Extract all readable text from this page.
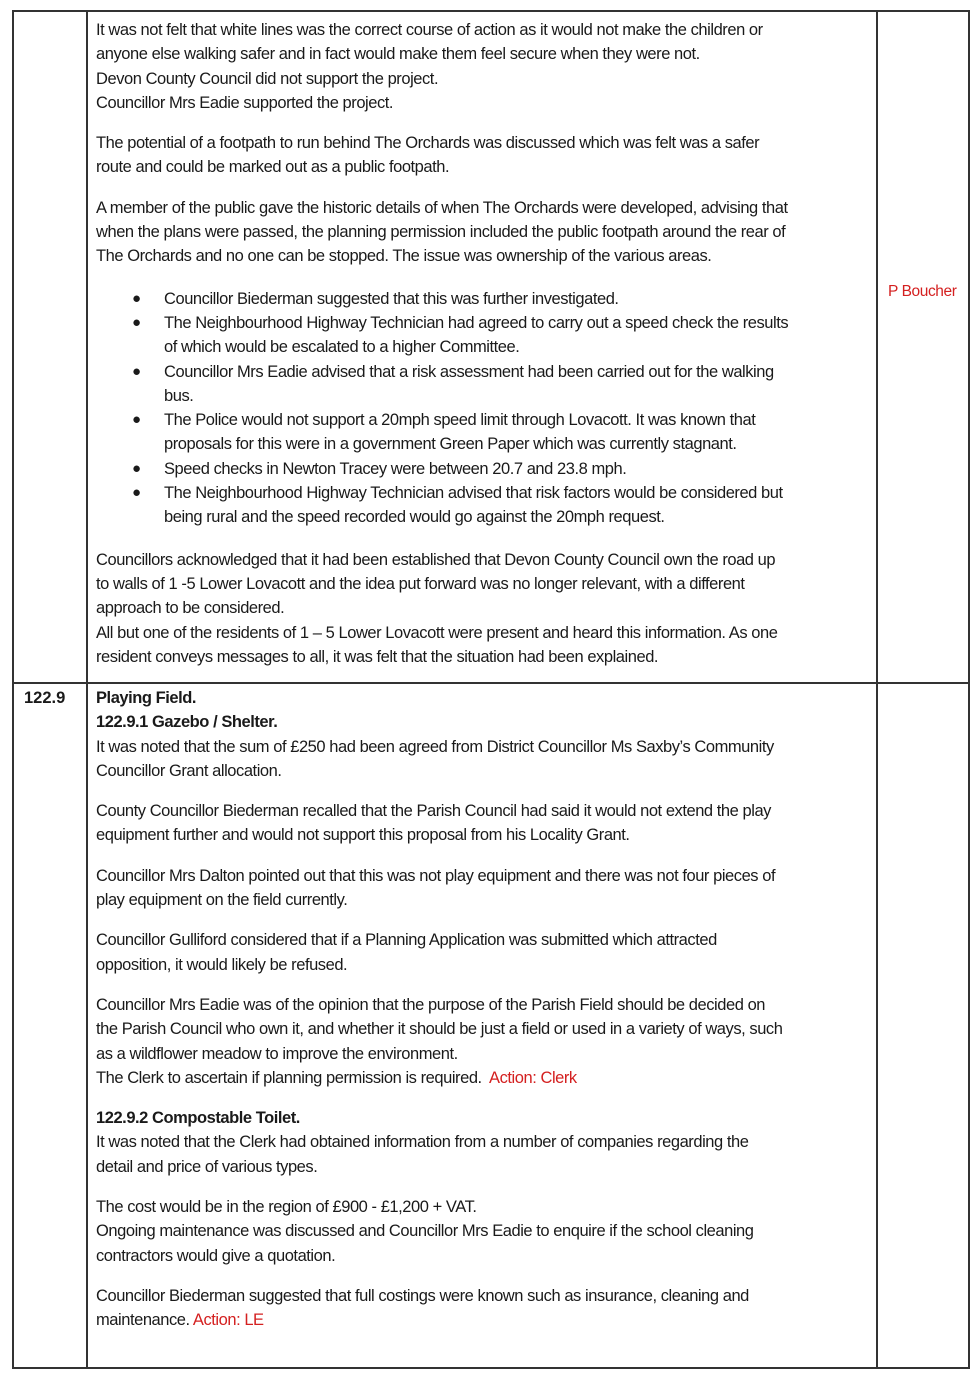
It was not felt that white lines was the correct course of action as it would not make the children or

anyone else walking safer and in fact would make them feel secure when they were not.

Devon County Council did not support the project.

Councillor Mrs Eadie supported the project.

The potential of a footpath to run behind The Orchards was discussed which was felt was a safer

route and could be marked out as a public footpath.

A member of the public gave the historic details of when The Orchards were developed, advising that

when the plans were passed, the planning permission included the public footpath around the rear of

The Orchards and no one can be stopped. The issue was ownership of the various areas.

● Councillor Biederman suggested that this was further investigated.
● The Neighbourhood Highway Technician had agreed to carry out a speed check the results
of which would be escalated to a higher Committee.
● Councillor Mrs Eadie advised that a risk assessment had been carried out for the walking
bus.
● The Police would not support a 20mph speed limit through Lovacott. It was known that
proposals for this were in a government Green Paper which was currently stagnant.
● Speed checks in Newton Tracey were between 20.7 and 23.8 mph.
● The Neighbourhood Highway Technician advised that risk factors would be considered but
being rural and the speed recorded would go against the 20mph request.

Councillors acknowledged that it had been established that Devon County Council own the road up

to walls of 1 -5 Lower Lovacott and the idea put forward was no longer relevant, with a different

approach to be considered.

All but one of the residents of 1 – 5 Lower Lovacott were present and heard this information. As one

resident conveys messages to all, it was felt that the situation had been explained.

P Boucher
122.9	Playing Field.

122.9.1 Gazebo / Shelter.

It was noted that the sum of £250 had been agreed from District Councillor Ms Saxby’s Community

Councillor Grant allocation.

County Councillor Biederman recalled that the Parish Council had said it would not extend the play

equipment further and would not support this proposal from his Locality Grant.

Councillor Mrs Dalton pointed out that this was not play equipment and there was not four pieces of

play equipment on the field currently.

Councillor Gulliford considered that if a Planning Application was submitted which attracted

opposition, it would likely be refused.

Councillor Mrs Eadie was of the opinion that the purpose of the Parish Field should be decided on

the Parish Council who own it, and whether it should be just a field or used in a variety of ways, such

as a wildflower meadow to improve the environment.

The Clerk to ascertain if planning permission is required. Action: Clerk

122.9.2 Compostable Toilet.

It was noted that the Clerk had obtained information from a number of companies regarding the

detail and price of various types.

The cost would be in the region of £900 - £1,200 + VAT.

Ongoing maintenance was discussed and Councillor Mrs Eadie to enquire if the school cleaning

contractors would give a quotation.

Councillor Biederman suggested that full costings were known such as insurance, cleaning and

maintenance. Action: LE
